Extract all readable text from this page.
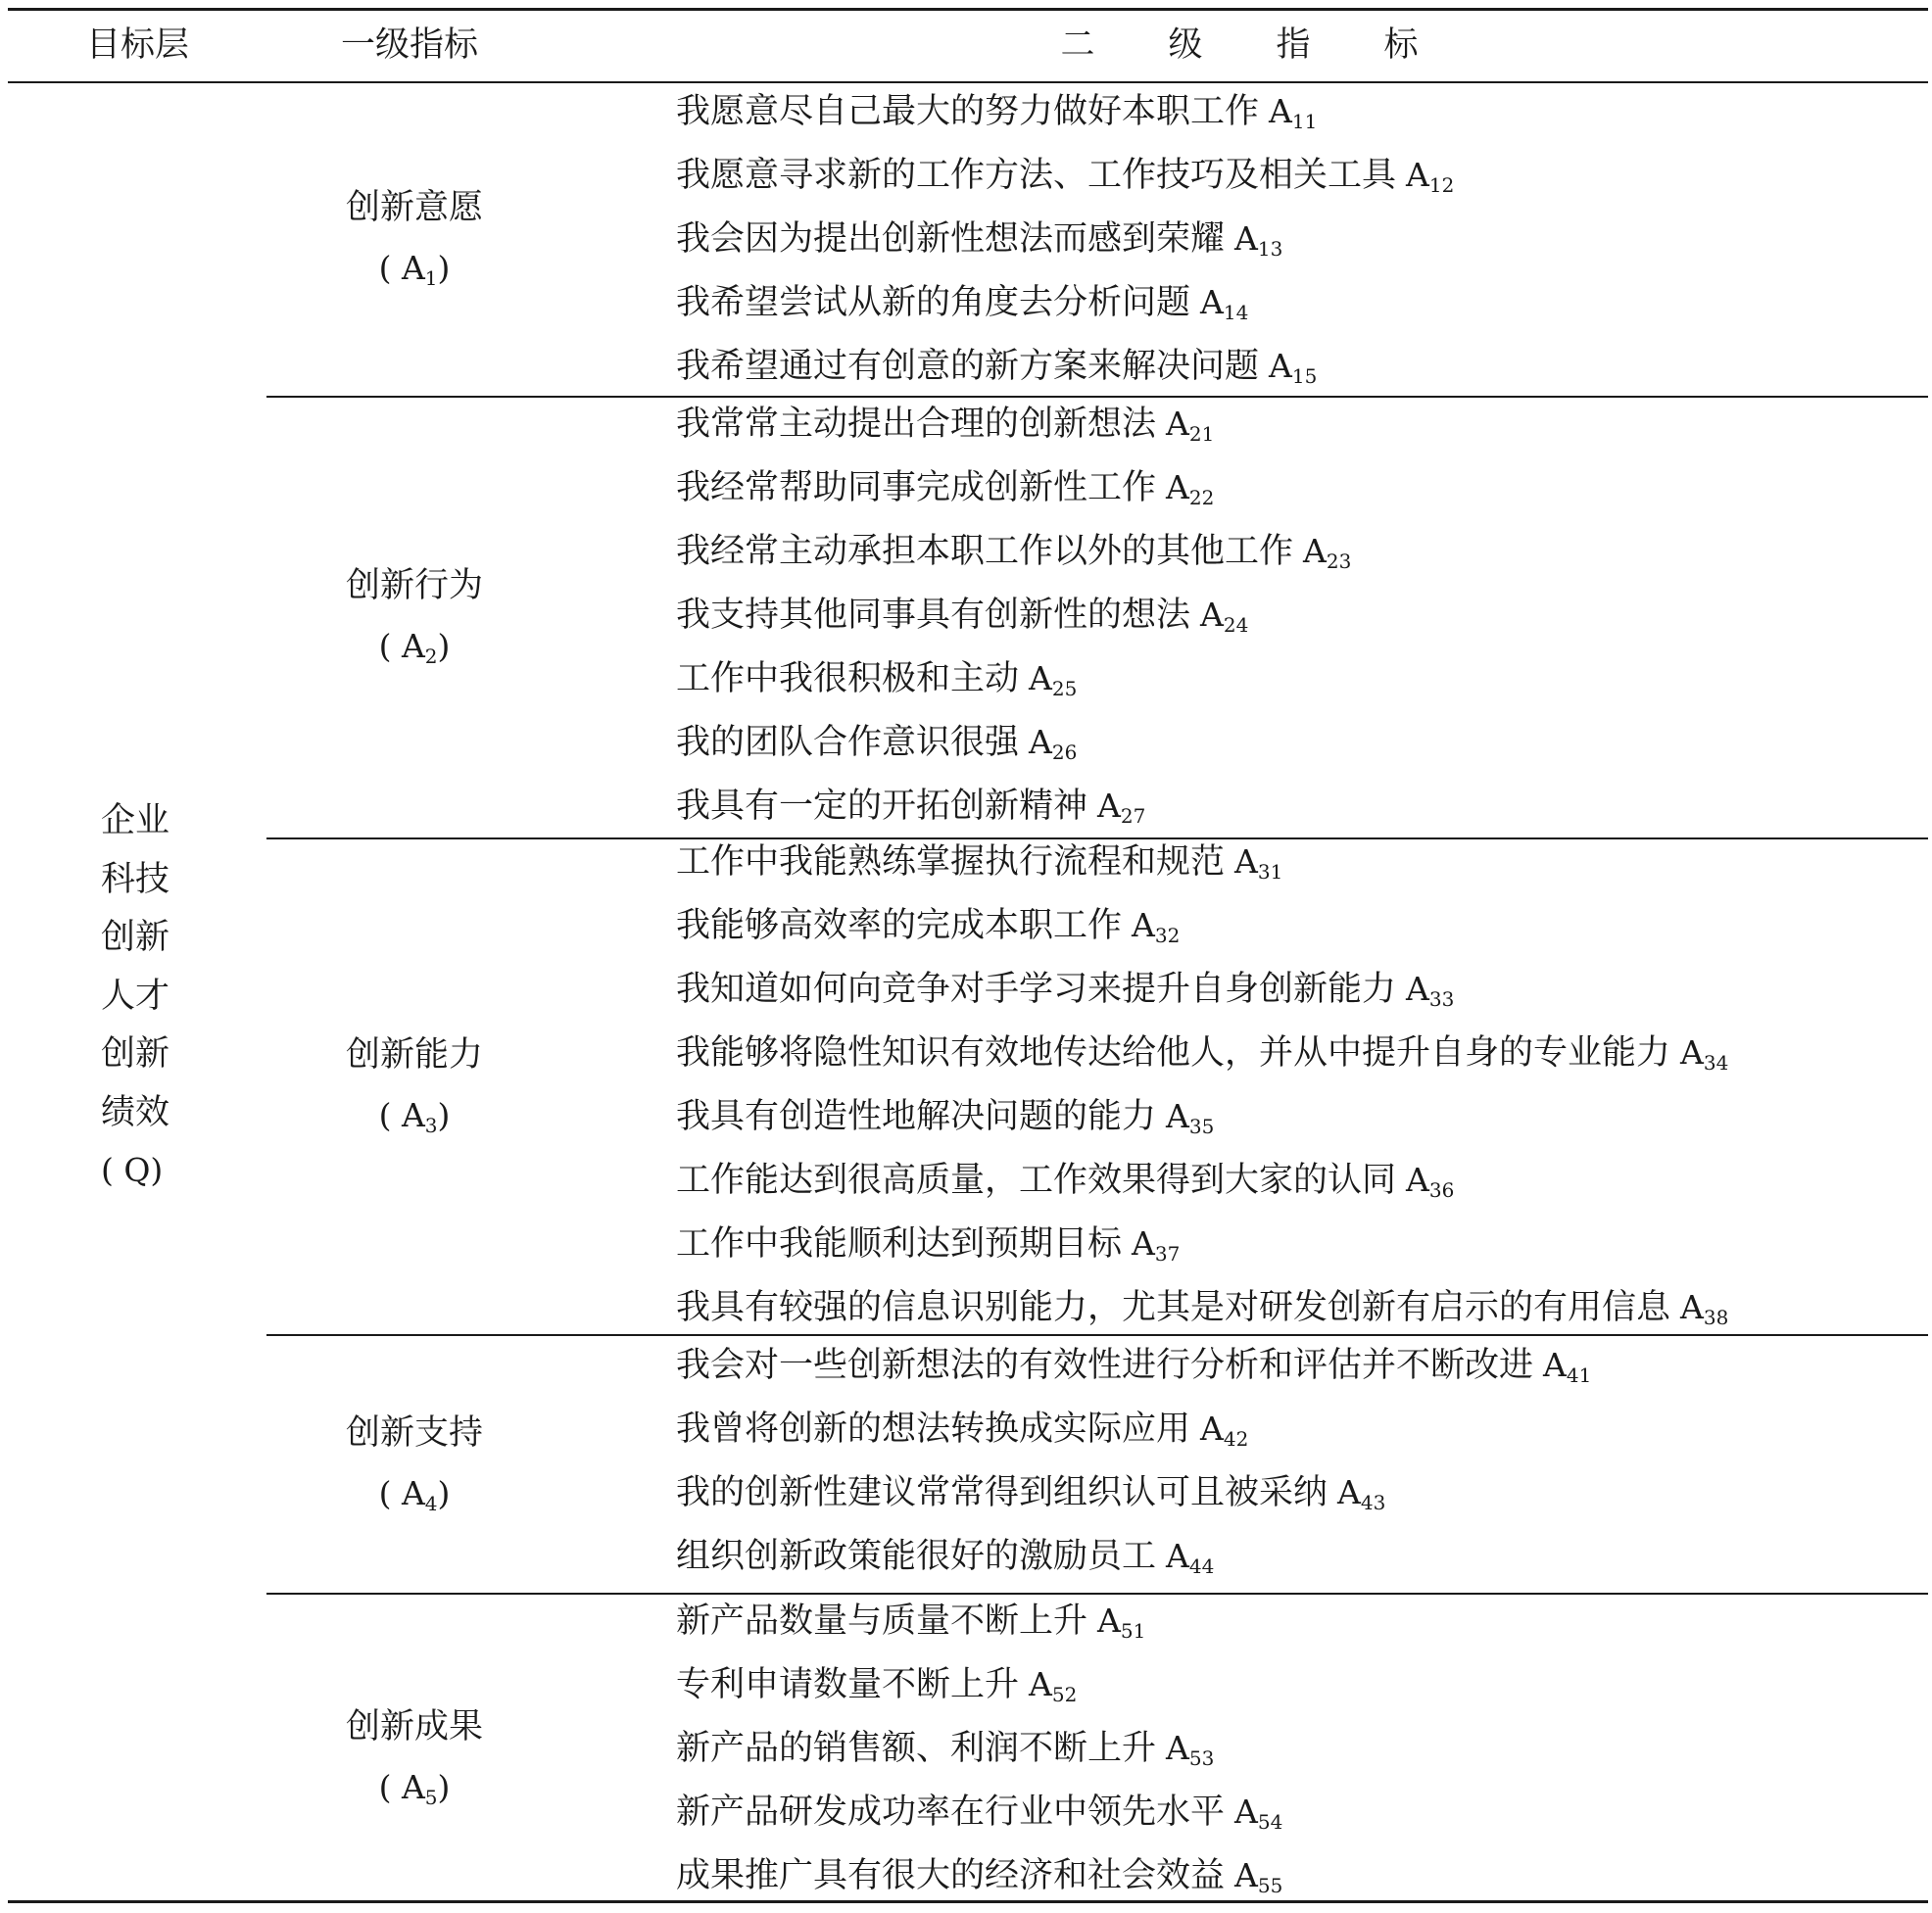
目标层	一级指标	二 级 指 标
企业
科技
创新
人才
创新
绩效
( Q)
创新意愿
( $A_1$)
我愿意尽自己最大的努力做好本职工作 $A_{11}$
我愿意寻求新的工作方法、工作技巧及相关工具 $A_{12}$
我会因为提出创新性想法而感到荣耀 $A_{13}$
我希望尝试从新的角度去分析问题 $A_{14}$
我希望通过有创意的新方案来解决问题 $A_{15}$
创新行为
( $A_2$)
我常常主动提出合理的创新想法 $A_{21}$
我经常帮助同事完成创新性工作 $A_{22}$
我经常主动承担本职工作以外的其他工作 $A_{23}$
我支持其他同事具有创新性的想法 $A_{24}$
工作中我很积极和主动 $A_{25}$
我的团队合作意识很强 $A_{26}$
我具有一定的开拓创新精神 $A_{27}$
创新能力
( $A_3$)
工作中我能熟练掌握执行流程和规范 $A_{31}$
我能够高效率的完成本职工作 $A_{32}$
我知道如何向竞争对手学习来提升自身创新能力 $A_{33}$
我能够将隐性知识有效地传达给他人，并从中提升自身的专业能力 $A_{34}$
我具有创造性地解决问题的能力 $A_{35}$
工作能达到很高质量，工作效果得到大家的认同 $A_{36}$
工作中我能顺利达到预期目标 $A_{37}$
我具有较强的信息识别能力，尤其是对研发创新有启示的有用信息 $A_{38}$
创新支持
( $A_4$)
我会对一些创新想法的有效性进行分析和评估并不断改进 $A_{41}$
我曾将创新的想法转换成实际应用 $A_{42}$
我的创新性建议常常得到组织认可且被采纳 $A_{43}$
组织创新政策能很好的激励员工 $A_{44}$
创新成果
( $A_5$)
新产品数量与质量不断上升 $A_{51}$
专利申请数量不断上升 $A_{52}$
新产品的销售额、利润不断上升 $A_{53}$
新产品研发成功率在行业中领先水平 $A_{54}$
成果推广具有很大的经济和社会效益 $A_{55}$
